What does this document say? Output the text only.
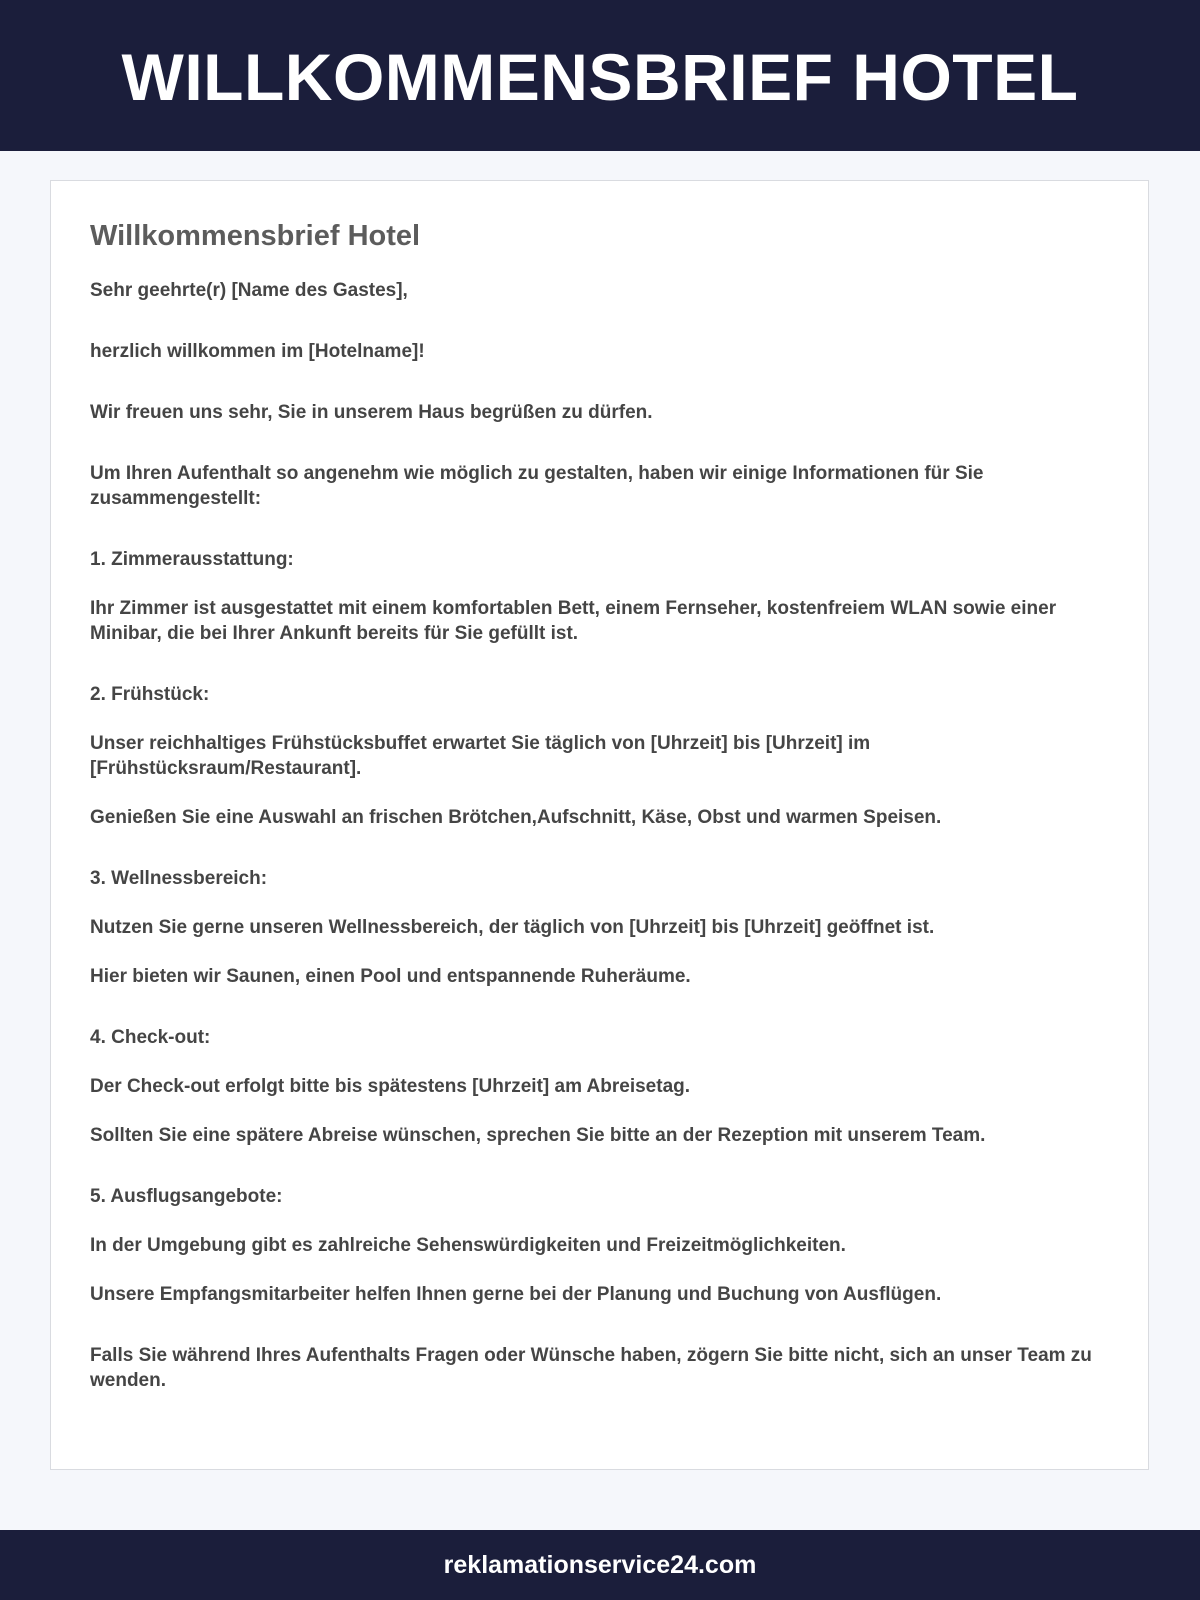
WILLKOMMENSBRIEF HOTEL
Willkommensbrief Hotel

Sehr geehrte(r) [Name des Gastes],

herzlich willkommen im [Hotelname]!

Wir freuen uns sehr, Sie in unserem Haus begrüßen zu dürfen.

Um Ihren Aufenthalt so angenehm wie möglich zu gestalten, haben wir einige Informationen für Sie zusammengestellt:

1. Zimmerausstattung:

Ihr Zimmer ist ausgestattet mit einem komfortablen Bett, einem Fernseher, kostenfreiem WLAN sowie einer Minibar, die bei Ihrer Ankunft bereits für Sie gefüllt ist.

2. Frühstück:

Unser reichhaltiges Frühstücksbuffet erwartet Sie täglich von [Uhrzeit] bis [Uhrzeit] im [Frühstücksraum/Restaurant].

Genießen Sie eine Auswahl an frischen Brötchen,Aufschnitt, Käse, Obst und warmen Speisen.

3. Wellnessbereich:

Nutzen Sie gerne unseren Wellnessbereich, der täglich von [Uhrzeit] bis [Uhrzeit] geöffnet ist.

Hier bieten wir Saunen, einen Pool und entspannende Ruheräume.

4. Check-out:

Der Check-out erfolgt bitte bis spätestens [Uhrzeit] am Abreisetag.

Sollten Sie eine spätere Abreise wünschen, sprechen Sie bitte an der Rezeption mit unserem Team.

5. Ausflugsangebote:

In der Umgebung gibt es zahlreiche Sehenswürdigkeiten und Freizeitmöglichkeiten.

Unsere Empfangsmitarbeiter helfen Ihnen gerne bei der Planung und Buchung von Ausflügen.

Falls Sie während Ihres Aufenthalts Fragen oder Wünsche haben, zögern Sie bitte nicht, sich an unser Team zu wenden.

reklamationservice24.com
